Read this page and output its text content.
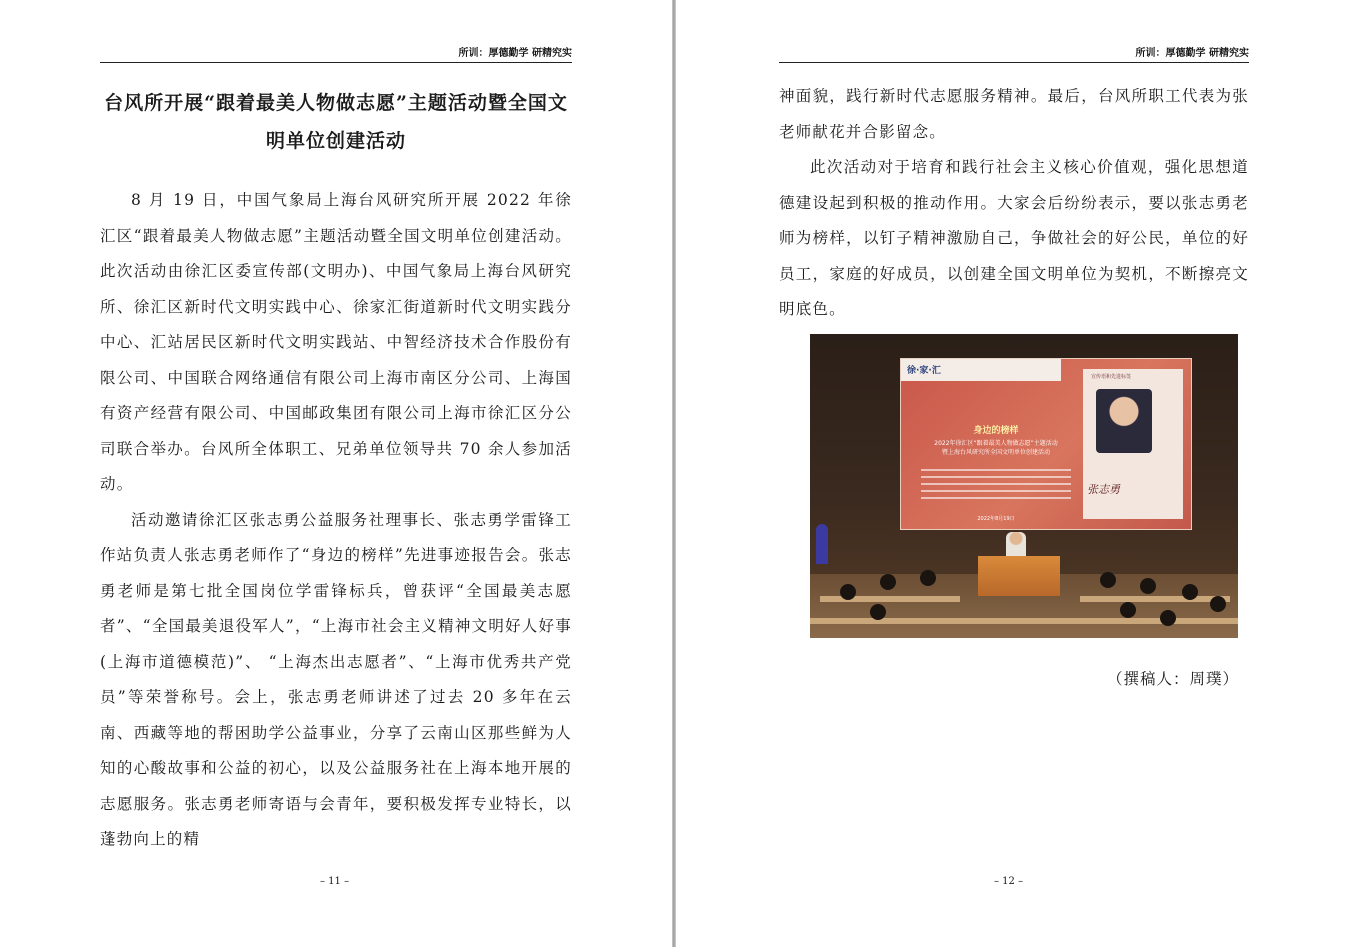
所训：厚德勤学 研精究实
台风所开展“跟着最美人物做志愿”主题活动暨全国文
明单位创建活动

8 月 19 日，中国气象局上海台风研究所开展 2022 年徐汇区“跟着最美人物做志愿”主题活动暨全国文明单位创建活动。此次活动由徐汇区委宣传部(文明办)、中国气象局上海台风研究所、徐汇区新时代文明实践中心、徐家汇街道新时代文明实践分中心、汇站居民区新时代文明实践站、中智经济技术合作股份有限公司、中国联合网络通信有限公司上海市南区分公司、上海国有资产经营有限公司、中国邮政集团有限公司上海市徐汇区分公司联合举办。台风所全体职工、兄弟单位领导共 70 余人参加活动。

活动邀请徐汇区张志勇公益服务社理事长、张志勇学雷锋工作站负责人张志勇老师作了“身边的榜样”先进事迹报告会。张志勇老师是第七批全国岗位学雷锋标兵，曾获评“全国最美志愿者”、“全国最美退役军人”，“上海市社会主义精神文明好人好事(上海市道德模范)”、 “上海杰出志愿者”、“上海市优秀共产党员”等荣誉称号。会上，张志勇老师讲述了过去 20 多年在云南、西藏等地的帮困助学公益事业，分享了云南山区那些鲜为人知的心酸故事和公益的初心，以及公益服务社在上海本地开展的志愿服务。张志勇老师寄语与会青年，要积极发挥专业特长，以蓬勃向上的精

– 11 –
所训：厚德勤学 研精究实

神面貌，践行新时代志愿服务精神。最后，台风所职工代表为张老师献花并合影留念。

此次活动对于培育和践行社会主义核心价值观，强化思想道德建设起到积极的推动作用。大家会后纷纷表示，要以张志勇老师为榜样，以钉子精神激励自己，争做社会的好公民，单位的好员工，家庭的好成员，以创建全国文明单位为契机，不断擦亮文明底色。

徐·家·汇
宣传语和先进标签
张志勇
身边的榜样
2022年徐汇区“跟着最美人物做志愿”主题活动
暨上海台风研究所全国文明单位创建活动
2022年8月19日
（撰稿人：周璞）
– 12 –
